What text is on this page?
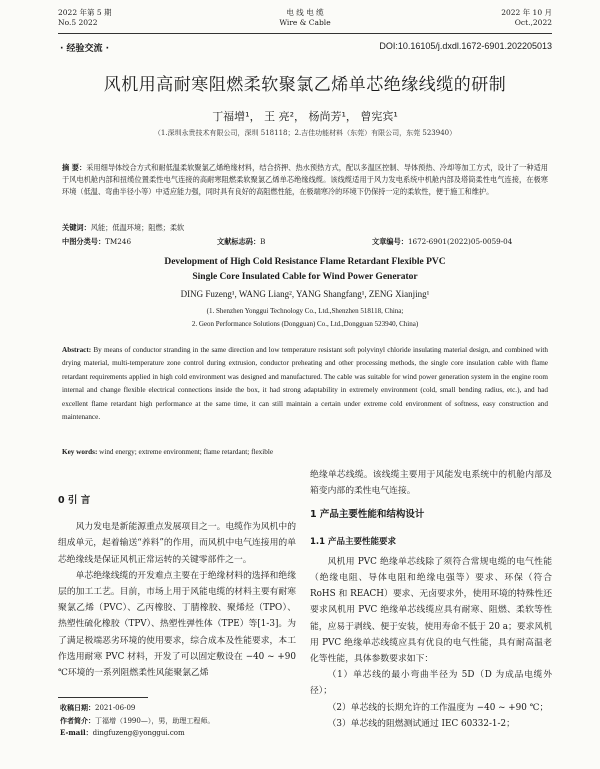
2022 年第 5 期
No.5 2022
电 线 电 缆
Wire & Cable
2022 年 10 月
Oct.,2022
· 经验交流 ·	DOI:10.16105/j.dxdl.1672-6901.202205013
风机用高耐寒阻燃柔软聚氯乙烯单芯绝缘线缆的研制
丁福增¹， 王 亮²， 杨尚芳¹， 曾宪宾¹
（1.深圳永贵技术有限公司，深圳 518118；2.吉佳功能材料（东莞）有限公司，东莞 523940）
摘 要：采用细导体绞合方式和耐低温柔软聚氯乙烯绝缘材料，结合挤押、热水预热方式，配以多温区控制、导体预热、冷却等加工方式，设计了一种适用于风电机舱内部和扭缆位置柔性电气连接的高耐寒阻燃柔软聚氯乙烯单芯绝缘线缆。该线缆适用于风力发电系统中机舱内部及塔筒柔性电气连接，在极寒环境（低温、弯曲半径小等）中适应能力强，同时具有良好的高阻燃性能，在极端寒冷的环境下仍保持一定的柔软性，便于施工和维护。
关键词：风能；低温环境；阻燃；柔软
中图分类号：TM246	文献标志码：B	文章编号：1672-6901(2022)05-0059-04
Development of High Cold Resistance Flame Retardant Flexible PVC
Single Core Insulated Cable for Wind Power Generator
DING Fuzeng¹, WANG Liang², YANG Shangfang¹, ZENG Xianjing¹
(1. Shenzhen Yonggui Technology Co., Ltd.,Shenzhen 518118, China;
2. Geon Performance Solutions (Dongguan) Co., Ltd.,Dongguan 523940, China)
Abstract: By means of conductor stranding in the same direction and low temperature resistant soft polyvinyl chloride insulating material design, and combined with drying material, multi-temperature zone control during extrusion, conductor preheating and other processing methods, the single core insulation cable with flame retardant requirements applied in high cold environment was designed and manufactured. The cable was suitable for wind power generation system in the engine room internal and change flexible electrical connections inside the box, it had strong adaptability in extremely environment (cold, small bending radius, etc.), and had excellent flame retardant high performance at the same time, it can still maintain a certain under extreme cold environment of softness, easy construction and maintenance.
Key words: wind energy; extreme environment; flame retardant; flexible
0 引 言

风力发电是新能源重点发展项目之一。电缆作为风机中的组成单元，起着输送“养料”的作用，而风机中电气连接用的单芯绝缘线是保证风机正常运转的关键零部件之一。

单芯绝缘线缆的开发难点主要在于绝缘材料的选择和绝缘层的加工工艺。目前，市场上用于风能电缆的材料主要有耐寒聚氯乙烯（PVC）、乙丙橡胶、丁腈橡胶、聚烯烃（TPO）、热塑性硫化橡胶（TPV）、热塑性弹性体（TPE）等[1-3]。为了满足极端恶劣环境的使用要求，综合成本及性能要求，本工作选用耐寒 PVC 材料，开发了可以固定敷设在 −40 ~ +90 ℃环境的一系列阻燃柔性风能聚氯乙烯

绝缘单芯线缆。该线缆主要用于风能发电系统中的机舱内部及箱变内部的柔性电气连接。

1 产品主要性能和结构设计
1.1 产品主要性能要求

风机用 PVC 绝缘单芯线除了须符合常规电缆的电气性能（绝缘电阻、导体电阻和绝缘电强等）要求、环保（符合 RoHS 和 REACH）要求、无卤要求外，使用环境的特殊性还要求风机用 PVC 绝缘单芯线缆应具有耐寒、阻燃、柔软等性能，应易于剥线、便于安装，使用寿命不低于 20 a；要求风机用 PVC 绝缘单芯线缆应具有优良的电气性能，具有耐高温老化等性能，具体参数要求如下：

（1）单芯线的最小弯曲半径为 5D（D 为成品电缆外径）；

（2）单芯线的长期允许的工作温度为 −40 ~ +90 ℃；

（3）单芯线的阻燃测试通过 IEC 60332-1-2；

收稿日期：2021-06-09
作者简介：丁福增（1990—），男，助理工程师。
E-mail：dingfuzeng@yonggui.com
